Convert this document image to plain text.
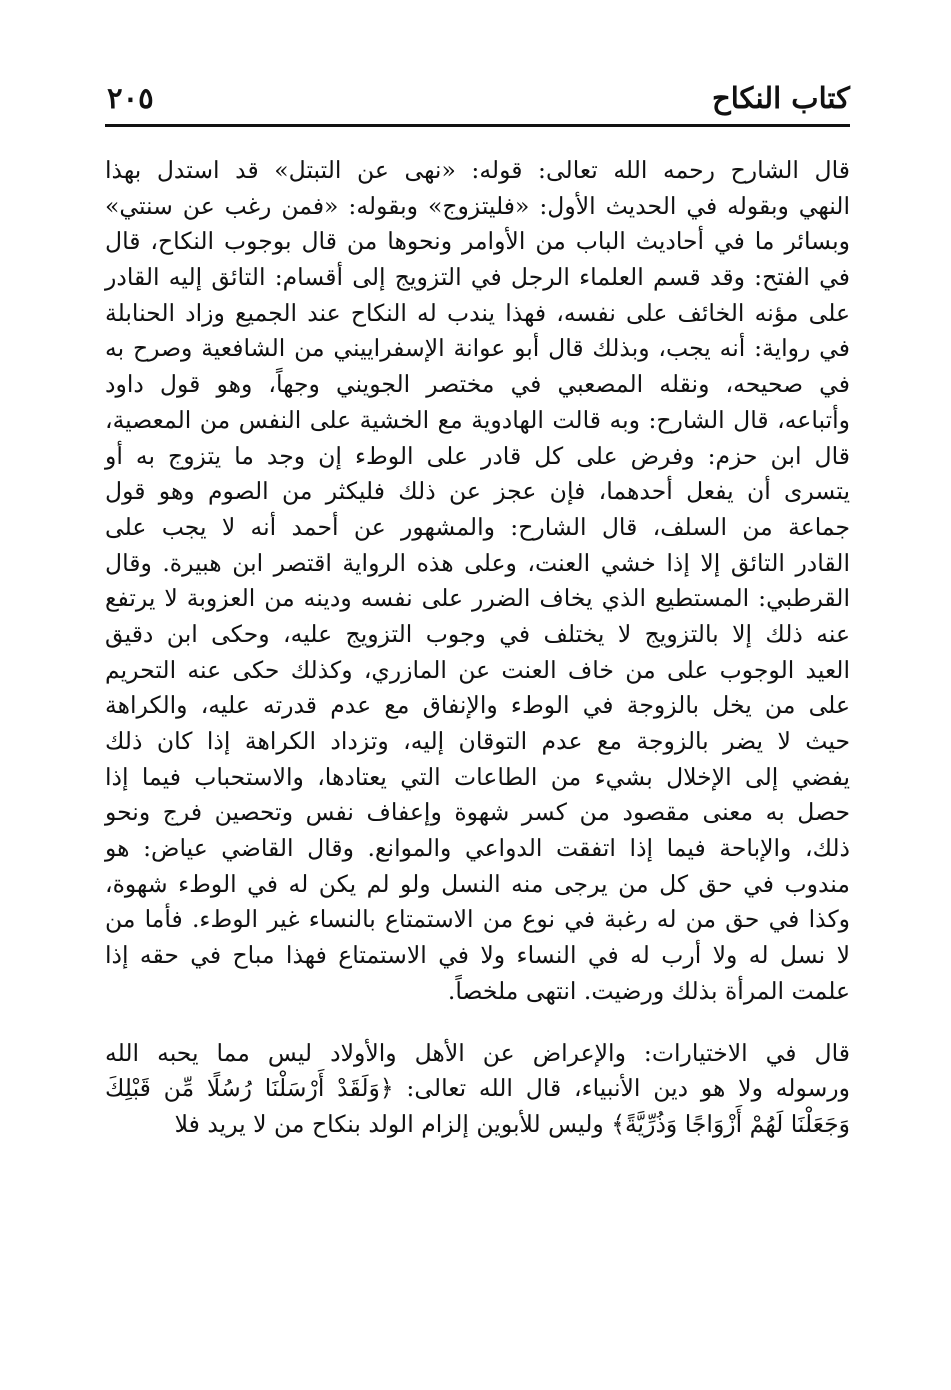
كتاب النكاح
٢٠٥
قال الشارح رحمه الله تعالى: قوله: «نهى عن التبتل» قد استدل بهذا
النهي وبقوله في الحديث الأول: «فليتزوج» وبقوله: «فمن رغب عن سنتي»
وبسائر ما في أحاديث الباب من الأوامر ونحوها من قال بوجوب النكاح، قال
في الفتح: وقد قسم العلماء الرجل في التزويج إلى أقسام: التائق إليه القادر
على مؤنه الخائف على نفسه، فهذا يندب له النكاح عند الجميع وزاد الحنابلة
في رواية: أنه يجب، وبذلك قال أبو عوانة الإسفراييني من الشافعية وصرح به
في صحيحه، ونقله المصعبي في مختصر الجويني وجهاً، وهو قول داود
وأتباعه، قال الشارح: وبه قالت الهادوية مع الخشية على النفس من المعصية،
قال ابن حزم: وفرض على كل قادر على الوطء إن وجد ما يتزوج به أو
يتسرى أن يفعل أحدهما، فإن عجز عن ذلك فليكثر من الصوم وهو قول
جماعة من السلف، قال الشارح: والمشهور عن أحمد أنه لا يجب على
القادر التائق إلا إذا خشي العنت، وعلى هذه الرواية اقتصر ابن هبيرة. وقال
القرطبي: المستطيع الذي يخاف الضرر على نفسه ودينه من العزوبة لا يرتفع
عنه ذلك إلا بالتزويج لا يختلف في وجوب التزويج عليه، وحكى ابن دقيق
العيد الوجوب على من خاف العنت عن المازري، وكذلك حكى عنه التحريم
على من يخل بالزوجة في الوطء والإنفاق مع عدم قدرته عليه، والكراهة
حيث لا يضر بالزوجة مع عدم التوقان إليه، وتزداد الكراهة إذا كان ذلك
يفضي إلى الإخلال بشيء من الطاعات التي يعتادها، والاستحباب فيما إذا
حصل به معنى مقصود من كسر شهوة وإعفاف نفس وتحصين فرج ونحو
ذلك، والإباحة فيما إذا اتفقت الدواعي والموانع. وقال القاضي عياض: هو
مندوب في حق كل من يرجى منه النسل ولو لم يكن له في الوطء شهوة،
وكذا في حق من له رغبة في نوع من الاستمتاع بالنساء غير الوطء. فأما من
لا نسل له ولا أرب له في النساء ولا في الاستمتاع فهذا مباح في حقه إذا
علمت المرأة بذلك ورضيت. انتهى ملخصاً.
قال في الاختيارات: والإعراض عن الأهل والأولاد ليس مما يحبه الله
ورسوله ولا هو دين الأنبياء، قال الله تعالى: ﴿وَلَقَدْ أَرْسَلْنَا رُسُلًا مِّن قَبْلِكَ
وَجَعَلْنَا لَهُمْ أَزْوَاجًا وَذُرِّيَّةً﴾ وليس للأبوين إلزام الولد بنكاح من لا يريد فلا
